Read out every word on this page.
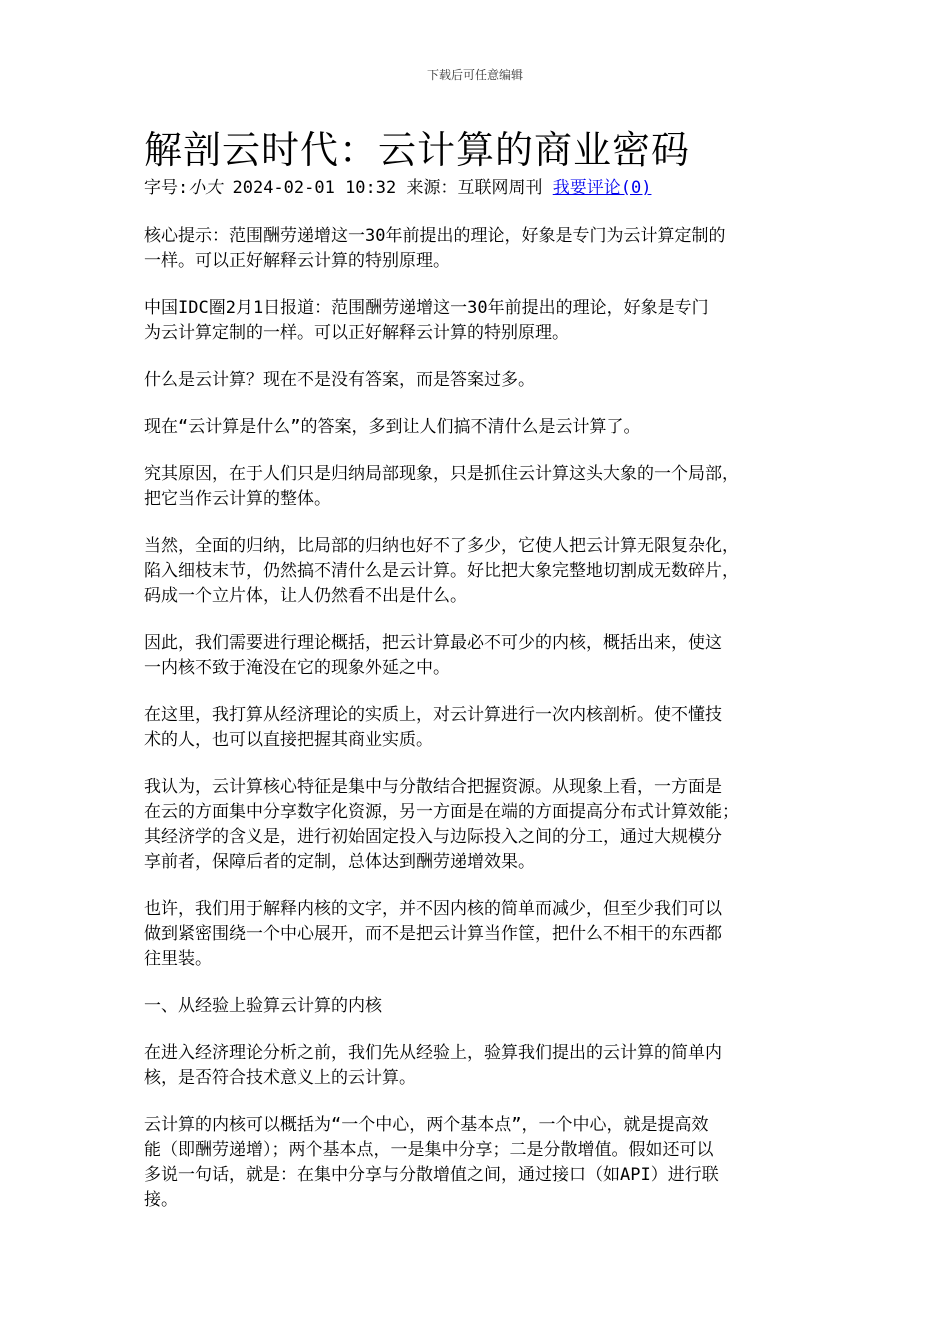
下载后可任意编辑
解剖云时代：云计算的商业密码
字号:小大 2024-02-01 10:32 来源：互联网周刊 我要评论(0)

核心提示：范围酬劳递增这一30年前提出的理论，好象是专门为云计算定制的
一样。可以正好解释云计算的特别原理。

中国IDC圈2月1日报道：范围酬劳递增这一30年前提出的理论，好象是专门
为云计算定制的一样。可以正好解释云计算的特别原理。

什么是云计算？现在不是没有答案，而是答案过多。

现在“云计算是什么”的答案，多到让人们搞不清什么是云计算了。

究其原因，在于人们只是归纳局部现象，只是抓住云计算这头大象的一个局部，
把它当作云计算的整体。

当然，全面的归纳，比局部的归纳也好不了多少，它使人把云计算无限复杂化，
陷入细枝末节，仍然搞不清什么是云计算。好比把大象完整地切割成无数碎片，
码成一个立片体，让人仍然看不出是什么。

因此，我们需要进行理论概括，把云计算最必不可少的内核，概括出来，使这
一内核不致于淹没在它的现象外延之中。

在这里，我打算从经济理论的实质上，对云计算进行一次内核剖析。使不懂技
术的人，也可以直接把握其商业实质。

我认为，云计算核心特征是集中与分散结合把握资源。从现象上看，一方面是
在云的方面集中分享数字化资源，另一方面是在端的方面提高分布式计算效能；
其经济学的含义是，进行初始固定投入与边际投入之间的分工，通过大规模分
享前者，保障后者的定制，总体达到酬劳递增效果。

也许，我们用于解释内核的文字，并不因内核的简单而减少，但至少我们可以
做到紧密围绕一个中心展开，而不是把云计算当作筐，把什么不相干的东西都
往里装。

一、从经验上验算云计算的内核

在进入经济理论分析之前，我们先从经验上，验算我们提出的云计算的简单内
核，是否符合技术意义上的云计算。

云计算的内核可以概括为“一个中心，两个基本点”，一个中心，就是提高效
能（即酬劳递增）；两个基本点，一是集中分享；二是分散增值。假如还可以
多说一句话，就是：在集中分享与分散增值之间，通过接口（如API）进行联
接。
